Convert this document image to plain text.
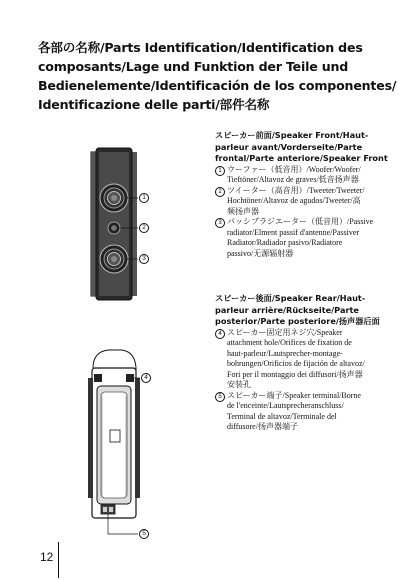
各部の名称/Parts Identification/Identification des
composants/Lage und Funktion der Teile und
Bedienelemente/Identificación de los componentes/
Identificazione delle parti/部件名称
1
2
3
4
5
スピーカー前面/Speaker Front/Haut-
parleur avant/Vorderseite/Parte
frontal/Parte anteriore/Speaker Front
1 ウーファー（低音用）/Woofer/Woofer/
Tieftöner/Altavoz de graves/低音扬声器
2 ツイーター（高音用）/Tweeter/Tweeter/
Hochtöner/Altavoz de agudos/Tweeter/高
频扬声器
3 パッシブラジエーター（低音用）/Passive
radiator/Elment passif d'antenne/Passiver
Radiator/Radiador pasivo/Radiatore
passivo/无源辐射器
スピーカー後面/Speaker Rear/Haut-
parleur arrière/Rückseite/Parte
posterior/Parte posteriore/扬声器后面
4 スピーカー固定用ネジ穴/Speaker
attachment hole/Orifices de fixation de
haut-parleur/Lautsprecher-montage-
bohrungen/Orificios de fijación de altavoz/
Fori per il montaggio dei diffusori/扬声器
安装孔
5 スピーカー端子/Speaker terminal/Borne
de l'enceinte/Lautsprecheranschluss/
Terminal de altavoz/Terminale del
diffusore/扬声器端子
12
